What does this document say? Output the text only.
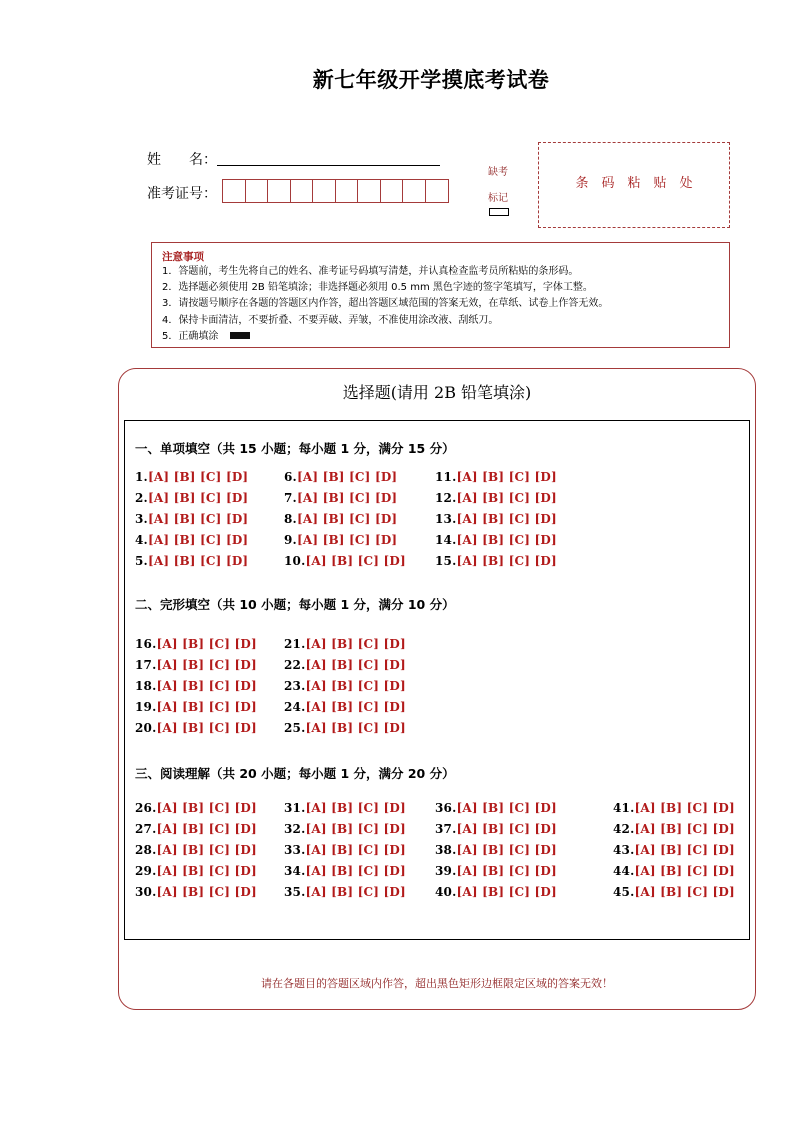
新七年级开学摸底考试卷
姓　　名：
准考证号：
缺考
标记
条码粘贴处
注意事项
1．答题前，考生先将自己的姓名、准考证号码填写清楚，并认真检查监考员所粘贴的条形码。
2．选择题必须使用 2B 铅笔填涂；非选择题必须用 0.5 mm 黑色字迹的签字笔填写，字体工整。
3．请按题号顺序在各题的答题区内作答，超出答题区域范围的答案无效，在草纸、试卷上作答无效。
4．保持卡面清洁，不要折叠、不要弄破、弄皱，不准使用涂改液、刮纸刀。
5．正确填涂
选择题(请用 2B 铅笔填涂)
一、单项填空（共 15 小题；每小题 1 分，满分 15 分）
二、完形填空（共 10 小题；每小题 1 分，满分 10 分）
三、阅读理解（共 20 小题；每小题 1 分，满分 20 分）
1.[A] [B] [C] [D]
2.[A] [B] [C] [D]
3.[A] [B] [C] [D]
4.[A] [B] [C] [D]
5.[A] [B] [C] [D]
6.[A] [B] [C] [D]
7.[A] [B] [C] [D]
8.[A] [B] [C] [D]
9.[A] [B] [C] [D]
10.[A] [B] [C] [D]
11.[A] [B] [C] [D]
12.[A] [B] [C] [D]
13.[A] [B] [C] [D]
14.[A] [B] [C] [D]
15.[A] [B] [C] [D]
16.[A] [B] [C] [D]
17.[A] [B] [C] [D]
18.[A] [B] [C] [D]
19.[A] [B] [C] [D]
20.[A] [B] [C] [D]
21.[A] [B] [C] [D]
22.[A] [B] [C] [D]
23.[A] [B] [C] [D]
24.[A] [B] [C] [D]
25.[A] [B] [C] [D]
26.[A] [B] [C] [D]
27.[A] [B] [C] [D]
28.[A] [B] [C] [D]
29.[A] [B] [C] [D]
30.[A] [B] [C] [D]
31.[A] [B] [C] [D]
32.[A] [B] [C] [D]
33.[A] [B] [C] [D]
34.[A] [B] [C] [D]
35.[A] [B] [C] [D]
36.[A] [B] [C] [D]
37.[A] [B] [C] [D]
38.[A] [B] [C] [D]
39.[A] [B] [C] [D]
40.[A] [B] [C] [D]
41.[A] [B] [C] [D]
42.[A] [B] [C] [D]
43.[A] [B] [C] [D]
44.[A] [B] [C] [D]
45.[A] [B] [C] [D]
请在各题目的答题区域内作答，超出黑色矩形边框限定区域的答案无效！
